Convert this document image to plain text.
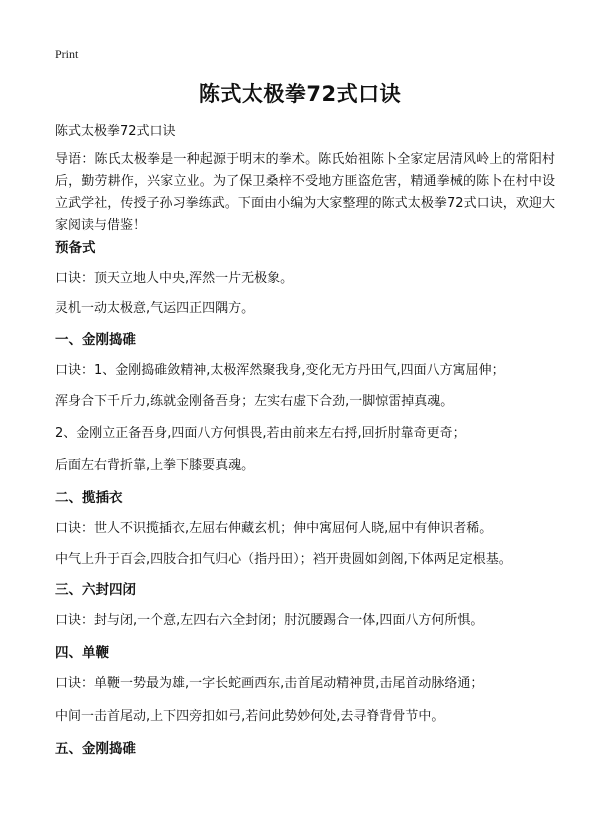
Print
陈式太极拳72式口诀
陈式太极拳72式口诀
导语：陈氏太极拳是一种起源于明末的拳术。陈氏始祖陈卜全家定居清风岭上的常阳村后，勤劳耕作，兴家立业。为了保卫桑梓不受地方匪盗危害，精通拳械的陈卜在村中设立武学社，传授子孙习拳练武。下面由小编为大家整理的陈式太极拳72式口诀，欢迎大家阅读与借鉴！
预备式
口诀：顶天立地人中央,浑然一片无极象。
灵机一动太极意,气运四正四隅方。
一、金刚捣碓
口诀：1、金刚捣碓敛精神,太极浑然聚我身,变化无方丹田气,四面八方寓屈伸；
浑身合下千斤力,练就金刚备吾身；左实右虚下合劲,一脚惊雷掉真魂。
2、金刚立正备吾身,四面八方何惧畏,若由前来左右捋,回折肘靠奇更奇；
后面左右背折靠,上拳下膝要真魂。
二、揽插衣
口诀：世人不识揽插衣,左屈右伸藏玄机；伸中寓屈何人晓,屈中有伸识者稀。
中气上升于百会,四肢合扣气归心（指丹田）；裆开贵圆如剑阁,下体两足定根基。
三、六封四闭
口诀：封与闭,一个意,左四右六全封闭；肘沉腰踢合一体,四面八方何所惧。
四、单鞭
口诀：单鞭一势最为雄,一字长蛇画西东,击首尾动精神贯,击尾首动脉络通；
中间一击首尾动,上下四旁扣如弓,若问此势妙何处,去寻脊背骨节中。
五、金刚捣碓
